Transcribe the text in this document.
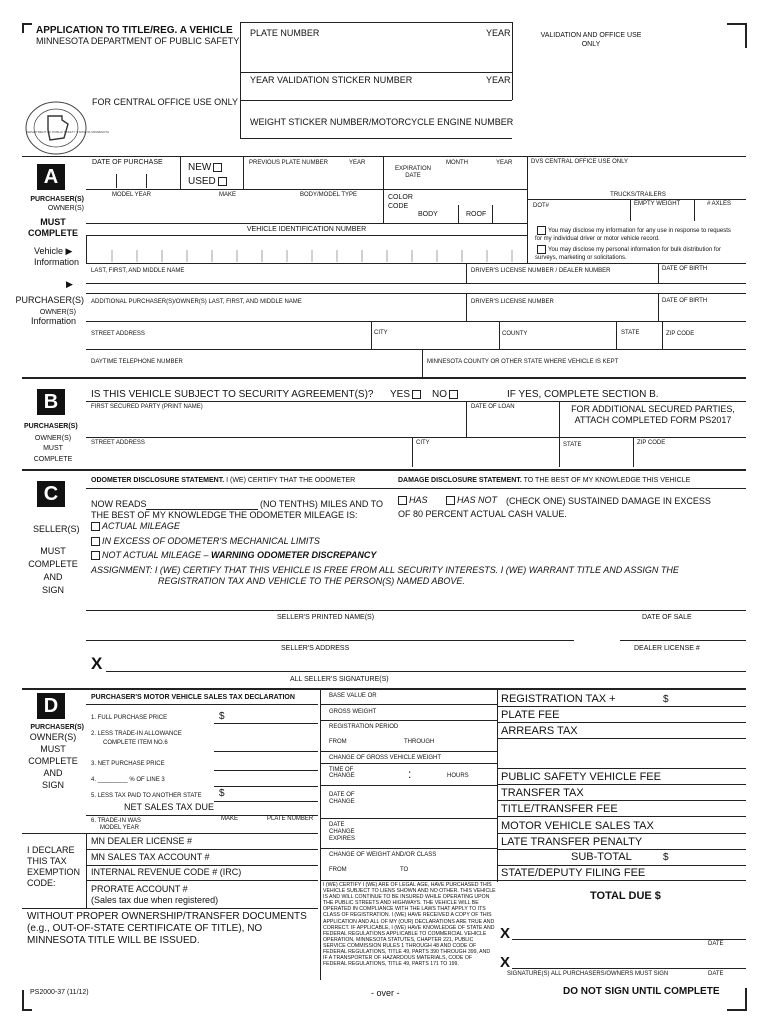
APPLICATION TO TITLE/REG. A VEHICLE
MINNESOTA DEPARTMENT OF PUBLIC SAFETY
PLATE NUMBER	YEAR	VALIDATION AND OFFICE USE
ONLY
YEAR VALIDATION STICKER NUMBER	YEAR
FOR CENTRAL OFFICE USE ONLY
WEIGHT STICKER NUMBER/MOTORCYCLE ENGINE NUMBER
DEPARTMENT OF PUBLIC SAFETY STATE OF MINNESOTA
A
DATE OF PURCHASE	NEW
USED
PREVIOUS PLATE NUMBER	YEAR	MONTH	YEAR
EXPIRATION
DATE
DVS CENTRAL OFFICE USE ONLY
PURCHASER(S)
OWNER(S)
MODEL YEAR	MAKE	BODY/MODEL TYPE	COLOR
CODE
BODY	ROOF
TRUCKS/TRAILERS
DOT#	EMPTY WEIGHT	# AXLES
MUST
COMPLETE	VEHICLE IDENTIFICATION NUMBER	You may disclose my information for any use in response to requests for my individual driver or motor vehicle record.
You may disclose my personal information for bulk distribution for surveys, marketing or solicitations.
Vehicle ▶
Information
LAST, FIRST, AND MIDDLE NAME	DRIVER'S LICENSE NUMBER / DEALER NUMBER	DATE OF BIRTH
▶
PURCHASER(S)
OWNER(S)
Information
ADDITIONAL PURCHASER(S)/OWNER(S) LAST, FIRST, AND MIDDLE NAME	DRIVER'S LICENSE NUMBER	DATE OF BIRTH
STREET ADDRESS	CITY	COUNTY	STATE	ZIP CODE
DAYTIME TELEPHONE NUMBER	MINNESOTA COUNTY OR OTHER STATE WHERE VEHICLE IS KEPT
B	IS THIS VEHICLE SUBJECT TO SECURITY AGREEMENT(S)? YES	NO	IF YES, COMPLETE SECTION B.
FIRST SECURED PARTY (PRINT NAME)	DATE OF LOAN	FOR ADDITIONAL SECURED PARTIES,
ATTACH COMPLETED FORM PS2017
PURCHASER(S)
OWNER(S)
MUST
COMPLETE
STREET ADDRESS	CITY	STATE	ZIP CODE
C
ODOMETER DISCLOSURE STATEMENT. I (WE) CERTIFY THAT THE ODOMETER	DAMAGE DISCLOSURE STATEMENT. TO THE BEST OF MY KNOWLEDGE THIS VEHICLE
NOW READS	(NO TENTHS) MILES AND TO
THE BEST OF MY KNOWLEDGE THE ODOMETER MILEAGE IS:
HAS	HAS NOT (CHECK ONE) SUSTAINED DAMAGE IN EXCESS
OF 80 PERCENT ACTUAL CASH VALUE.
ACTUAL MILEAGE
IN EXCESS OF ODOMETER'S MECHANICAL LIMITS
NOT ACTUAL MILEAGE – WARNING ODOMETER DISCREPANCY
ASSIGNMENT: I (WE) CERTIFY THAT THIS VEHICLE IS FREE FROM ALL SECURITY INTERESTS. I (WE) WARRANT TITLE AND ASSIGN THE
REGISTRATION TAX AND VEHICLE TO THE PERSON(S) NAMED ABOVE.
SELLER(S)
MUST
COMPLETE
AND
SIGN
SELLER'S PRINTED NAME(S)	DATE OF SALE
SELLER'S ADDRESS	DEALER LICENSE #
X
ALL SELLER'S SIGNATURE(S)
D	PURCHASER'S MOTOR VEHICLE SALES TAX DECLARATION	BASE VALUE OR
GROSS WEIGHT
REGISTRATION PERIOD
FROM	THROUGH
CHANGE OF GROSS VEHICLE WEIGHT
TIME OF
CHANGE	:	HOURS
DATE OF
CHANGE
DATE
CHANGE
EXPIRES
CHANGE OF WEIGHT AND/OR CLASS
FROM	TO
PURCHASER(S)
OWNER(S)
MUST
COMPLETE
AND
SIGN
1. FULL PURCHASE PRICE	$
2. LESS TRADE-IN ALLOWANCE
COMPLETE ITEM NO.6
3. NET PURCHASE PRICE
4. _________ % OF LINE 3
5. LESS TAX PAID TO ANOTHER STATE $
NET SALES TAX DUE
6. TRADE-IN WAS
MODEL YEAR
MAKE	PLATE NUMBER
I DECLARE
THIS TAX
EXEMPTION
CODE:
MN DEALER LICENSE #
MN SALES TAX ACCOUNT #
INTERNAL REVENUE CODE # (IRC)
PRORATE ACCOUNT #
(Sales tax due when registered)
REGISTRATION TAX +	$
PLATE FEE
ARREARS TAX
PUBLIC SAFETY VEHICLE FEE
TRANSFER TAX
TITLE/TRANSFER FEE
MOTOR VEHICLE SALES TAX
LATE TRANSFER PENALTY
SUB-TOTAL	$
STATE/DEPUTY FILING FEE
TOTAL DUE $
I (WE) CERTIFY I (WE) ARE OF LEGAL AGE, HAVE PURCHASED THIS VEHICLE SUBJECT TO LIENS SHOWN AND NO OTHER. THIS VEHICLE IS AND WILL CONTINUE TO BE INSURED WHILE OPERATING UPON THE PUBLIC STREETS AND HIGHWAYS. THE VEHICLE WILL BE OPERATED IN COMPLIANCE WITH THE LAWS THAT APPLY TO ITS CLASS OF REGISTRATION. I (WE) HAVE RECEIVED A COPY OF THIS APPLICATION AND ALL OF MY (OUR) DECLARATIONS ARE TRUE AND CORRECT. IF APPLICABLE, I (WE) HAVE KNOWLEDGE OF STATE AND FEDERAL REGULATIONS APPLICABLE TO COMMERCIAL VEHICLE OPERATION, MINNESOTA STATUTES, CHAPTER 221, PUBLIC SERVICE COMMISSION RULES 1 THROUGH 48 AND CODE OF FEDERAL REGULATIONS, TITLE 49, PARTS 390 THROUGH 399, AND IF A TRANSPORTER OF HAZARDOUS MATERIALS, CODE OF FEDERAL REGULATIONS, TITLE 49, PARTS 171 TO 199.
X
DATE
X
SIGNATURE(S) ALL PURCHASERS/OWNERS MUST SIGN	DATE
WITHOUT PROPER OWNERSHIP/TRANSFER DOCUMENTS
(e.g., OUT-OF-STATE CERTIFICATE OF TITLE), NO
MINNESOTA TITLE WILL BE ISSUED.
PS2000-37 (11/12)	- over -	DO NOT SIGN UNTIL COMPLETE
